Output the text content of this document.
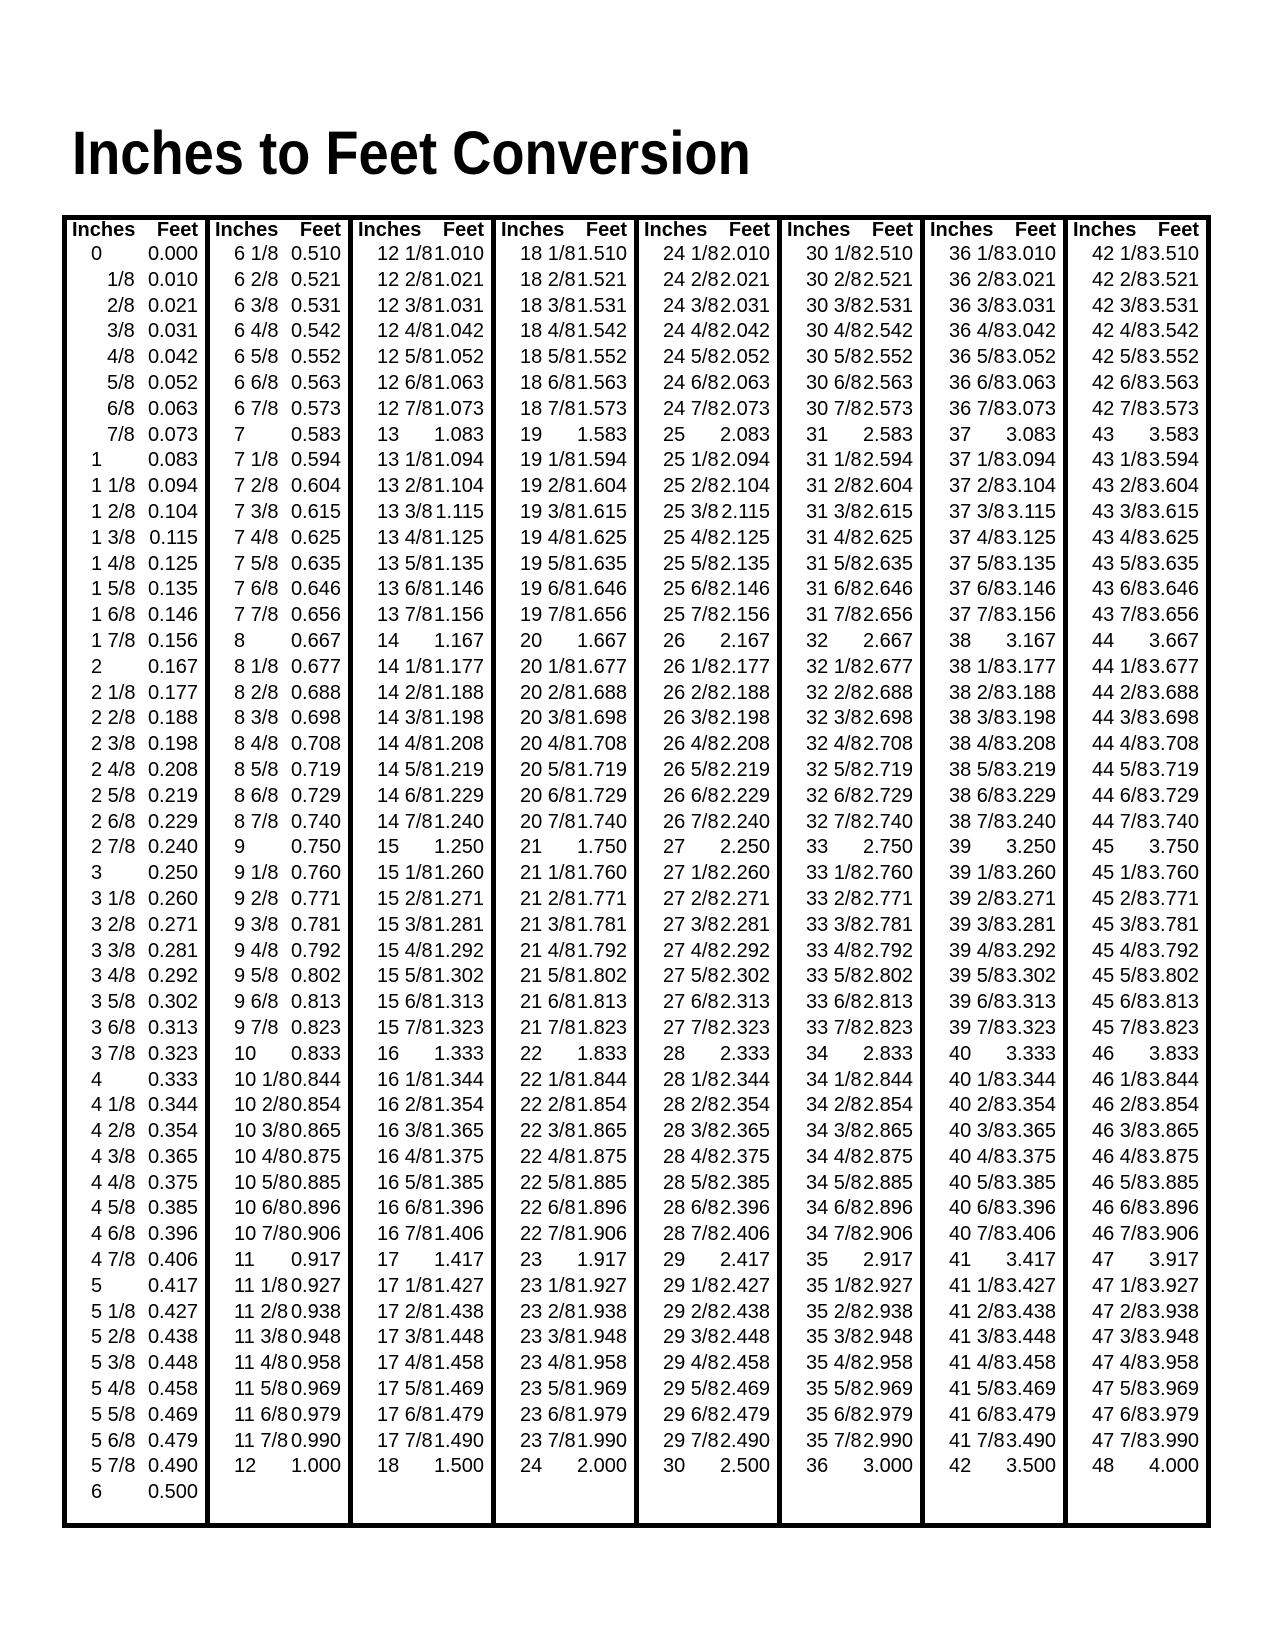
Inches to Feet Conversion
Inches Feet
0 0.000
1/8 0.010
2/8 0.021
3/8 0.031
4/8 0.042
5/8 0.052
6/8 0.063
7/8 0.073
1 0.083
1 1/8 0.094
1 2/8 0.104
1 3/8 0.115
1 4/8 0.125
1 5/8 0.135
1 6/8 0.146
1 7/8 0.156
2 0.167
2 1/8 0.177
2 2/8 0.188
2 3/8 0.198
2 4/8 0.208
2 5/8 0.219
2 6/8 0.229
2 7/8 0.240
3 0.250
3 1/8 0.260
3 2/8 0.271
3 3/8 0.281
3 4/8 0.292
3 5/8 0.302
3 6/8 0.313
3 7/8 0.323
4 0.333
4 1/8 0.344
4 2/8 0.354
4 3/8 0.365
4 4/8 0.375
4 5/8 0.385
4 6/8 0.396
4 7/8 0.406
5 0.417
5 1/8 0.427
5 2/8 0.438
5 3/8 0.448
5 4/8 0.458
5 5/8 0.469
5 6/8 0.479
5 7/8 0.490
6 0.500
Inches Feet
6 1/8 0.510
6 2/8 0.521
6 3/8 0.531
6 4/8 0.542
6 5/8 0.552
6 6/8 0.563
6 7/8 0.573
7 0.583
7 1/8 0.594
7 2/8 0.604
7 3/8 0.615
7 4/8 0.625
7 5/8 0.635
7 6/8 0.646
7 7/8 0.656
8 0.667
8 1/8 0.677
8 2/8 0.688
8 3/8 0.698
8 4/8 0.708
8 5/8 0.719
8 6/8 0.729
8 7/8 0.740
9 0.750
9 1/8 0.760
9 2/8 0.771
9 3/8 0.781
9 4/8 0.792
9 5/8 0.802
9 6/8 0.813
9 7/8 0.823
10 0.833
10 1/8 0.844
10 2/8 0.854
10 3/8 0.865
10 4/8 0.875
10 5/8 0.885
10 6/8 0.896
10 7/8 0.906
11 0.917
11 1/8 0.927
11 2/8 0.938
11 3/8 0.948
11 4/8 0.958
11 5/8 0.969
11 6/8 0.979
11 7/8 0.990
12 1.000
Inches Feet
12 1/8 1.010
12 2/8 1.021
12 3/8 1.031
12 4/8 1.042
12 5/8 1.052
12 6/8 1.063
12 7/8 1.073
13 1.083
13 1/8 1.094
13 2/8 1.104
13 3/8 1.115
13 4/8 1.125
13 5/8 1.135
13 6/8 1.146
13 7/8 1.156
14 1.167
14 1/8 1.177
14 2/8 1.188
14 3/8 1.198
14 4/8 1.208
14 5/8 1.219
14 6/8 1.229
14 7/8 1.240
15 1.250
15 1/8 1.260
15 2/8 1.271
15 3/8 1.281
15 4/8 1.292
15 5/8 1.302
15 6/8 1.313
15 7/8 1.323
16 1.333
16 1/8 1.344
16 2/8 1.354
16 3/8 1.365
16 4/8 1.375
16 5/8 1.385
16 6/8 1.396
16 7/8 1.406
17 1.417
17 1/8 1.427
17 2/8 1.438
17 3/8 1.448
17 4/8 1.458
17 5/8 1.469
17 6/8 1.479
17 7/8 1.490
18 1.500
Inches Feet
18 1/8 1.510
18 2/8 1.521
18 3/8 1.531
18 4/8 1.542
18 5/8 1.552
18 6/8 1.563
18 7/8 1.573
19 1.583
19 1/8 1.594
19 2/8 1.604
19 3/8 1.615
19 4/8 1.625
19 5/8 1.635
19 6/8 1.646
19 7/8 1.656
20 1.667
20 1/8 1.677
20 2/8 1.688
20 3/8 1.698
20 4/8 1.708
20 5/8 1.719
20 6/8 1.729
20 7/8 1.740
21 1.750
21 1/8 1.760
21 2/8 1.771
21 3/8 1.781
21 4/8 1.792
21 5/8 1.802
21 6/8 1.813
21 7/8 1.823
22 1.833
22 1/8 1.844
22 2/8 1.854
22 3/8 1.865
22 4/8 1.875
22 5/8 1.885
22 6/8 1.896
22 7/8 1.906
23 1.917
23 1/8 1.927
23 2/8 1.938
23 3/8 1.948
23 4/8 1.958
23 5/8 1.969
23 6/8 1.979
23 7/8 1.990
24 2.000
Inches Feet
24 1/8 2.010
24 2/8 2.021
24 3/8 2.031
24 4/8 2.042
24 5/8 2.052
24 6/8 2.063
24 7/8 2.073
25 2.083
25 1/8 2.094
25 2/8 2.104
25 3/8 2.115
25 4/8 2.125
25 5/8 2.135
25 6/8 2.146
25 7/8 2.156
26 2.167
26 1/8 2.177
26 2/8 2.188
26 3/8 2.198
26 4/8 2.208
26 5/8 2.219
26 6/8 2.229
26 7/8 2.240
27 2.250
27 1/8 2.260
27 2/8 2.271
27 3/8 2.281
27 4/8 2.292
27 5/8 2.302
27 6/8 2.313
27 7/8 2.323
28 2.333
28 1/8 2.344
28 2/8 2.354
28 3/8 2.365
28 4/8 2.375
28 5/8 2.385
28 6/8 2.396
28 7/8 2.406
29 2.417
29 1/8 2.427
29 2/8 2.438
29 3/8 2.448
29 4/8 2.458
29 5/8 2.469
29 6/8 2.479
29 7/8 2.490
30 2.500
Inches Feet
30 1/8 2.510
30 2/8 2.521
30 3/8 2.531
30 4/8 2.542
30 5/8 2.552
30 6/8 2.563
30 7/8 2.573
31 2.583
31 1/8 2.594
31 2/8 2.604
31 3/8 2.615
31 4/8 2.625
31 5/8 2.635
31 6/8 2.646
31 7/8 2.656
32 2.667
32 1/8 2.677
32 2/8 2.688
32 3/8 2.698
32 4/8 2.708
32 5/8 2.719
32 6/8 2.729
32 7/8 2.740
33 2.750
33 1/8 2.760
33 2/8 2.771
33 3/8 2.781
33 4/8 2.792
33 5/8 2.802
33 6/8 2.813
33 7/8 2.823
34 2.833
34 1/8 2.844
34 2/8 2.854
34 3/8 2.865
34 4/8 2.875
34 5/8 2.885
34 6/8 2.896
34 7/8 2.906
35 2.917
35 1/8 2.927
35 2/8 2.938
35 3/8 2.948
35 4/8 2.958
35 5/8 2.969
35 6/8 2.979
35 7/8 2.990
36 3.000
Inches Feet
36 1/8 3.010
36 2/8 3.021
36 3/8 3.031
36 4/8 3.042
36 5/8 3.052
36 6/8 3.063
36 7/8 3.073
37 3.083
37 1/8 3.094
37 2/8 3.104
37 3/8 3.115
37 4/8 3.125
37 5/8 3.135
37 6/8 3.146
37 7/8 3.156
38 3.167
38 1/8 3.177
38 2/8 3.188
38 3/8 3.198
38 4/8 3.208
38 5/8 3.219
38 6/8 3.229
38 7/8 3.240
39 3.250
39 1/8 3.260
39 2/8 3.271
39 3/8 3.281
39 4/8 3.292
39 5/8 3.302
39 6/8 3.313
39 7/8 3.323
40 3.333
40 1/8 3.344
40 2/8 3.354
40 3/8 3.365
40 4/8 3.375
40 5/8 3.385
40 6/8 3.396
40 7/8 3.406
41 3.417
41 1/8 3.427
41 2/8 3.438
41 3/8 3.448
41 4/8 3.458
41 5/8 3.469
41 6/8 3.479
41 7/8 3.490
42 3.500
Inches Feet
42 1/8 3.510
42 2/8 3.521
42 3/8 3.531
42 4/8 3.542
42 5/8 3.552
42 6/8 3.563
42 7/8 3.573
43 3.583
43 1/8 3.594
43 2/8 3.604
43 3/8 3.615
43 4/8 3.625
43 5/8 3.635
43 6/8 3.646
43 7/8 3.656
44 3.667
44 1/8 3.677
44 2/8 3.688
44 3/8 3.698
44 4/8 3.708
44 5/8 3.719
44 6/8 3.729
44 7/8 3.740
45 3.750
45 1/8 3.760
45 2/8 3.771
45 3/8 3.781
45 4/8 3.792
45 5/8 3.802
45 6/8 3.813
45 7/8 3.823
46 3.833
46 1/8 3.844
46 2/8 3.854
46 3/8 3.865
46 4/8 3.875
46 5/8 3.885
46 6/8 3.896
46 7/8 3.906
47 3.917
47 1/8 3.927
47 2/8 3.938
47 3/8 3.948
47 4/8 3.958
47 5/8 3.969
47 6/8 3.979
47 7/8 3.990
48 4.000
